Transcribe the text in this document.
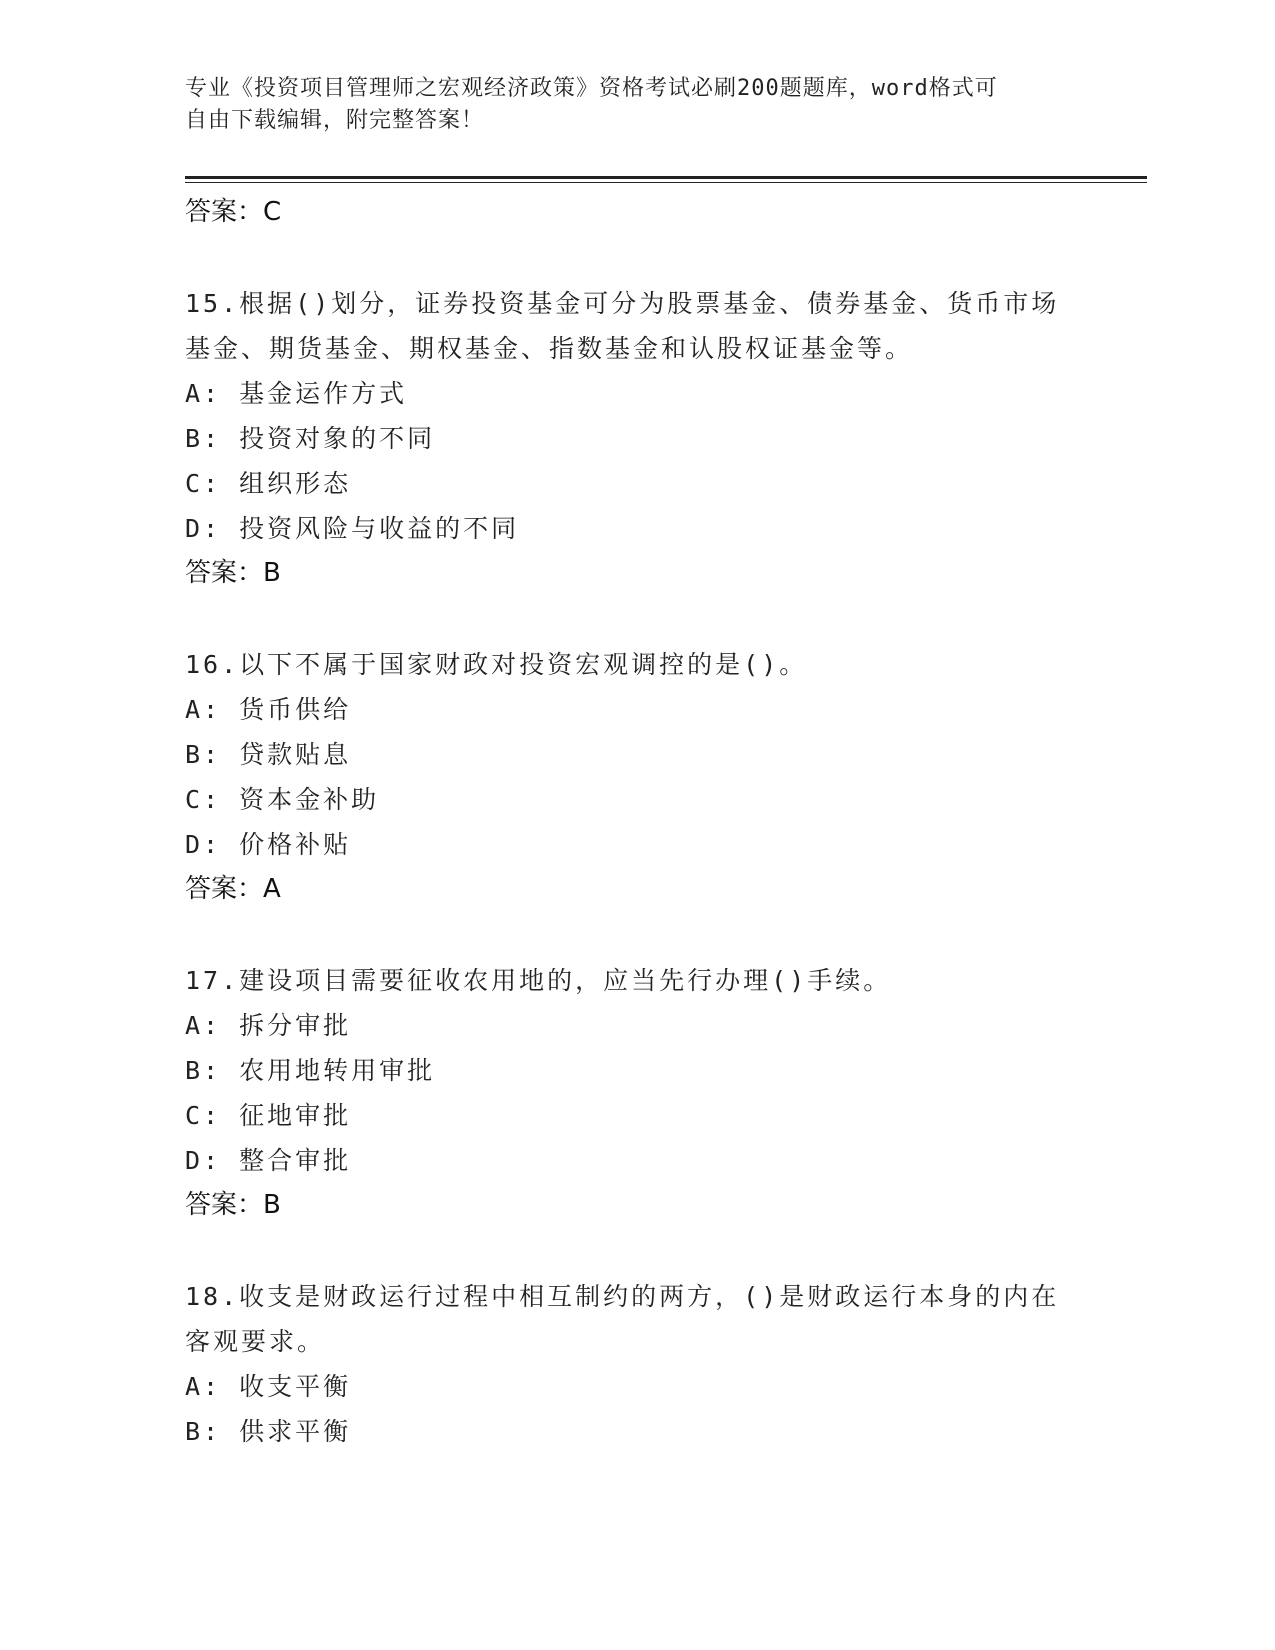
专业《投资项目管理师之宏观经济政策》资格考试必刷200题题库，word格式可
自由下载编辑，附完整答案！
答案：C
15.根据()划分，证券投资基金可分为股票基金、债券基金、货币市场
基金、期货基金、期权基金、指数基金和认股权证基金等。
A: 基金运作方式
B: 投资对象的不同
C: 组织形态
D: 投资风险与收益的不同
答案：B
16.以下不属于国家财政对投资宏观调控的是()。
A: 货币供给
B: 贷款贴息
C: 资本金补助
D: 价格补贴
答案：A
17.建设项目需要征收农用地的，应当先行办理()手续。
A: 拆分审批
B: 农用地转用审批
C: 征地审批
D: 整合审批
答案：B
18.收支是财政运行过程中相互制约的两方，()是财政运行本身的内在
客观要求。
A: 收支平衡
B: 供求平衡
